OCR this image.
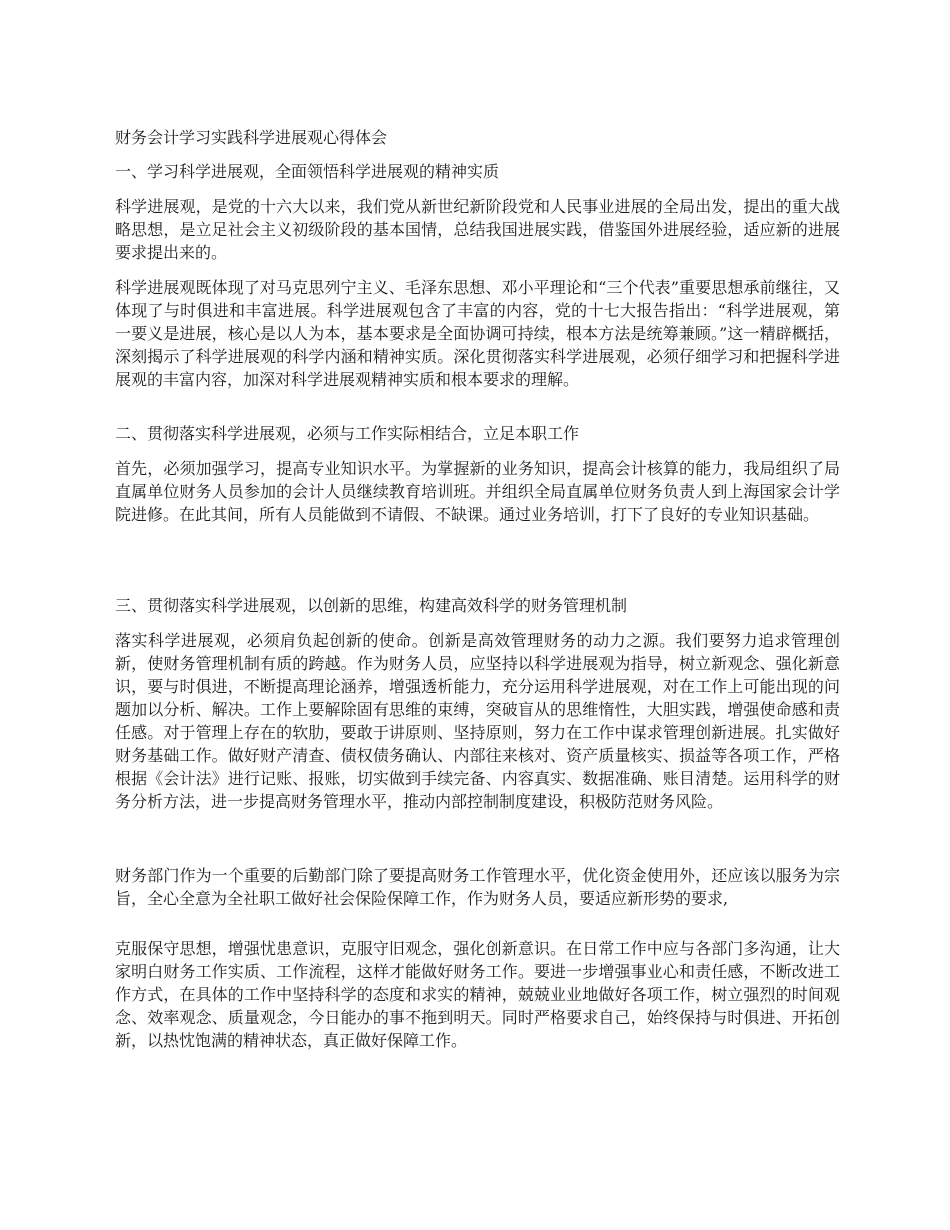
财务会计学习实践科学进展观心得体会

一、学习科学进展观，全面领悟科学进展观的精神实质

科学进展观，是党的十六大以来，我们党从新世纪新阶段党和人民事业进展的全局出发，提出的重大战略思想，是立足社会主义初级阶段的基本国情，总结我国进展实践，借鉴国外进展经验，适应新的进展要求提出来的。

科学进展观既体现了对马克思列宁主义、毛泽东思想、邓小平理论和“三个代表”重要思想承前继往，又体现了与时俱进和丰富进展。科学进展观包含了丰富的内容，党的十七大报告指出：“科学进展观，第一要义是进展，核心是以人为本，基本要求是全面协调可持续，根本方法是统筹兼顾。”这一精辟概括，深刻揭示了科学进展观的科学内涵和精神实质。深化贯彻落实科学进展观，必须仔细学习和把握科学进展观的丰富内容，加深对科学进展观精神实质和根本要求的理解。

二、贯彻落实科学进展观，必须与工作实际相结合，立足本职工作

首先，必须加强学习，提高专业知识水平。为掌握新的业务知识，提高会计核算的能力，我局组织了局直属单位财务人员参加的会计人员继续教育培训班。并组织全局直属单位财务负责人到上海国家会计学院进修。在此其间，所有人员能做到不请假、不缺课。通过业务培训，打下了良好的专业知识基础。

三、贯彻落实科学进展观，以创新的思维，构建高效科学的财务管理机制

落实科学进展观，必须肩负起创新的使命。创新是高效管理财务的动力之源。我们要努力追求管理创新，使财务管理机制有质的跨越。作为财务人员，应坚持以科学进展观为指导，树立新观念、强化新意识，要与时俱进，不断提高理论涵养，增强透析能力，充分运用科学进展观，对在工作上可能出现的问题加以分析、解决。工作上要解除固有思维的束缚，突破盲从的思维惰性，大胆实践，增强使命感和责任感。对于管理上存在的软肋，要敢于讲原则、坚持原则，努力在工作中谋求管理创新进展。扎实做好财务基础工作。做好财产清查、债权债务确认、内部往来核对、资产质量核实、损益等各项工作，严格根据《会计法》进行记账、报账，切实做到手续完备、内容真实、数据准确、账目清楚。运用科学的财务分析方法，进一步提高财务管理水平，推动内部控制制度建设，积极防范财务风险。

财务部门作为一个重要的后勤部门除了要提高财务工作管理水平，优化资金使用外，还应该以服务为宗旨，全心全意为全社职工做好社会保险保障工作，作为财务人员，要适应新形势的要求,

克服保守思想，增强忧患意识，克服守旧观念，强化创新意识。在日常工作中应与各部门多沟通，让大家明白财务工作实质、工作流程，这样才能做好财务工作。要进一步增强事业心和责任感，不断改进工作方式，在具体的工作中坚持科学的态度和求实的精神，兢兢业业地做好各项工作，树立强烈的时间观念、效率观念、质量观念，今日能办的事不拖到明天。同时严格要求自己，始终保持与时俱进、开拓创新，以热忱饱满的精神状态，真正做好保障工作。
